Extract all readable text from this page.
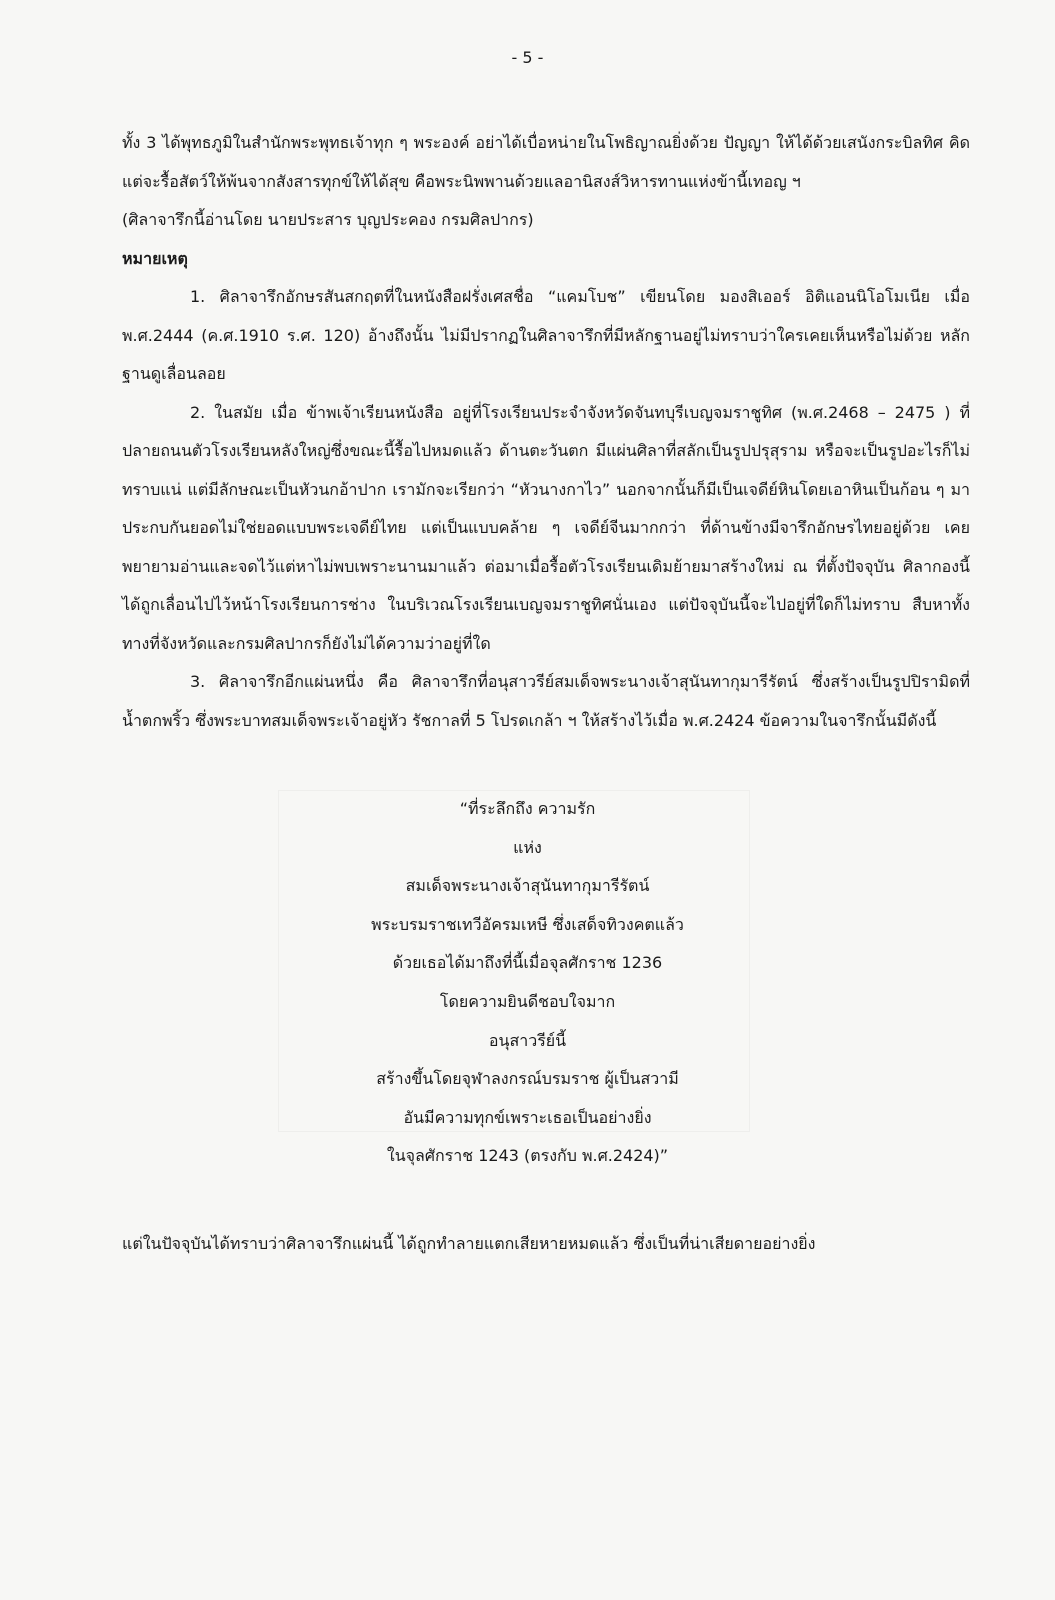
- 5 -

ทั้ง 3 ได้พุทธภูมิในสำนักพระพุทธเจ้าทุก ๆ พระองค์ อย่าได้เบื่อหน่ายในโพธิญาณยิ่งด้วย ปัญญา ให้ได้ด้วยเสนังกระบิลทิศ คิดแต่จะรื้อสัตว์ให้พ้นจากสังสารทุกข์ให้ได้สุข คือพระนิพพานด้วยแลอานิสงส์วิหารทานแห่งข้านี้เทอญ ฯ

(ศิลาจารึกนี้อ่านโดย นายประสาร บุญประคอง กรมศิลปากร)

หมายเหตุ

1. ศิลาจารึกอักษรสันสกฤตที่ในหนังสือฝรั่งเศสชื่อ “แคมโบช” เขียนโดย มองสิเออร์ อิติแอนนิโอโมเนีย เมื่อ พ.ศ.2444 (ค.ศ.1910 ร.ศ. 120) อ้างถึงนั้น ไม่มีปรากฏในศิลาจารึกที่มีหลักฐานอยู่ไม่ทราบว่าใครเคยเห็นหรือไม่ด้วย หลักฐานดูเลื่อนลอย

2. ในสมัย เมื่อ ข้าพเจ้าเรียนหนังสือ อยู่ที่โรงเรียนประจำจังหวัดจันทบุรีเบญจมราชูทิศ (พ.ศ.2468 – 2475 ) ที่ปลายถนนตัวโรงเรียนหลังใหญ่ซึ่งขณะนี้รื้อไปหมดแล้ว ด้านตะวันตก มีแผ่นศิลาที่สลักเป็นรูปปรุสุราม หรือจะเป็นรูปอะไรก็ไม่ทราบแน่ แต่มีลักษณะเป็นหัวนกอ้าปาก เรามักจะเรียกว่า “หัวนางกาไว” นอกจากนั้นก็มีเป็นเจดีย์หินโดยเอาหินเป็นก้อน ๆ มาประกบกันยอดไม่ใช่ยอดแบบพระเจดีย์ไทย แต่เป็นแบบคล้าย ๆ เจดีย์จีนมากกว่า ที่ด้านข้างมีจารึกอักษรไทยอยู่ด้วย เคยพยายามอ่านและจดไว้แต่หาไม่พบเพราะนานมาแล้ว ต่อมาเมื่อรื้อตัวโรงเรียนเดิมย้ายมาสร้างใหม่ ณ ที่ตั้งปัจจุบัน ศิลากองนี้ได้ถูกเลื่อนไปไว้หน้าโรงเรียนการช่าง ในบริเวณโรงเรียนเบญจมราชูทิศนั่นเอง แต่ปัจจุบันนี้จะไปอยู่ที่ใดก็ไม่ทราบ สืบหาทั้งทางที่จังหวัดและกรมศิลปากรก็ยังไม่ได้ความว่าอยู่ที่ใด

3. ศิลาจารึกอีกแผ่นหนึ่ง คือ ศิลาจารึกที่อนุสาวรีย์สมเด็จพระนางเจ้าสุนันทากุมารีรัตน์ ซึ่งสร้างเป็นรูปปิรามิดที่น้ำตกพริ้ว ซึ่งพระบาทสมเด็จพระเจ้าอยู่หัว รัชกาลที่ 5 โปรดเกล้า ฯ ให้สร้างไว้เมื่อ พ.ศ.2424 ข้อความในจารึกนั้นมีดังนี้

“ที่ระลึกถึง ความรัก
แห่ง
สมเด็จพระนางเจ้าสุนันทากุมารีรัตน์
พระบรมราชเทวีอัครมเหษี ซึ่งเสด็จทิวงคตแล้ว
ด้วยเธอได้มาถึงที่นี้เมื่อจุลศักราช 1236
โดยความยินดีชอบใจมาก
อนุสาวรีย์นี้
สร้างขึ้นโดยจุฬาลงกรณ์บรมราช ผู้เป็นสวามี
อันมีความทุกข์เพราะเธอเป็นอย่างยิ่ง
ในจุลศักราช 1243 (ตรงกับ พ.ศ.2424)”
แต่ในปัจจุบันได้ทราบว่าศิลาจารึกแผ่นนี้ ได้ถูกทำลายแตกเสียหายหมดแล้ว ซึ่งเป็นที่น่าเสียดายอย่างยิ่ง
